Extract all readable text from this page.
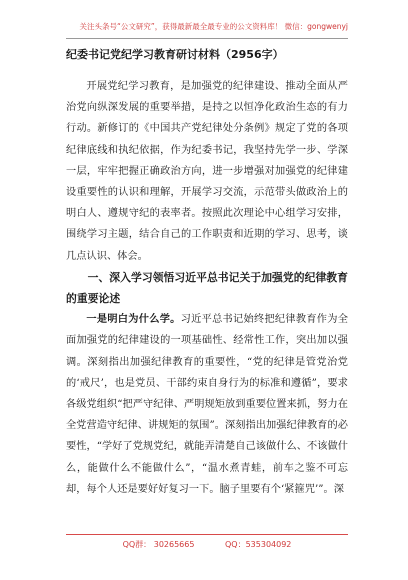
关注头条号“公文研究”，获得最新最全最专业的公文资料库！ 微信：gongwenyj
纪委书记党纪学习教育研讨材料（2956字）

开展党纪学习教育，是加强党的纪律建设、推动全面从严治党向纵深发展的重要举措，是持之以恒净化政治生态的有力行动。新修订的《中国共产党纪律处分条例》规定了党的各项纪律底线和执纪依据，作为纪委书记，我坚持先学一步、学深一层，牢牢把握正确政治方向，进一步增强对加强党的纪律建设重要性的认识和理解，开展学习交流，示范带头做政治上的明白人、遵规守纪的表率者。按照此次理论中心组学习安排，围绕学习主题，结合自己的工作职责和近期的学习、思考，谈几点认识、体会。

一、深入学习领悟习近平总书记关于加强党的纪律教育的重要论述

一是明白为什么学。习近平总书记始终把纪律教育作为全面加强党的纪律建设的一项基础性、经常性工作，突出加以强调。深刻指出加强纪律教育的重要性，“党的纪律是管党治党的‘戒尺’，也是党员、干部约束自身行为的标准和遵循”，要求各级党组织“把严守纪律、严明规矩放到重要位置来抓，努力在全党营造守纪律、讲规矩的氛围”。深刻指出加强纪律教育的必要性，“学好了党规党纪，就能弄清楚自己该做什么、不该做什么，能做什么不能做什么”，“温水煮青蛙，前车之鉴不可忘却，每个人还是要好好复习一下。脑子里要有个‘紧箍咒’”。深

QQ群： 30265665	QQ：535304092
